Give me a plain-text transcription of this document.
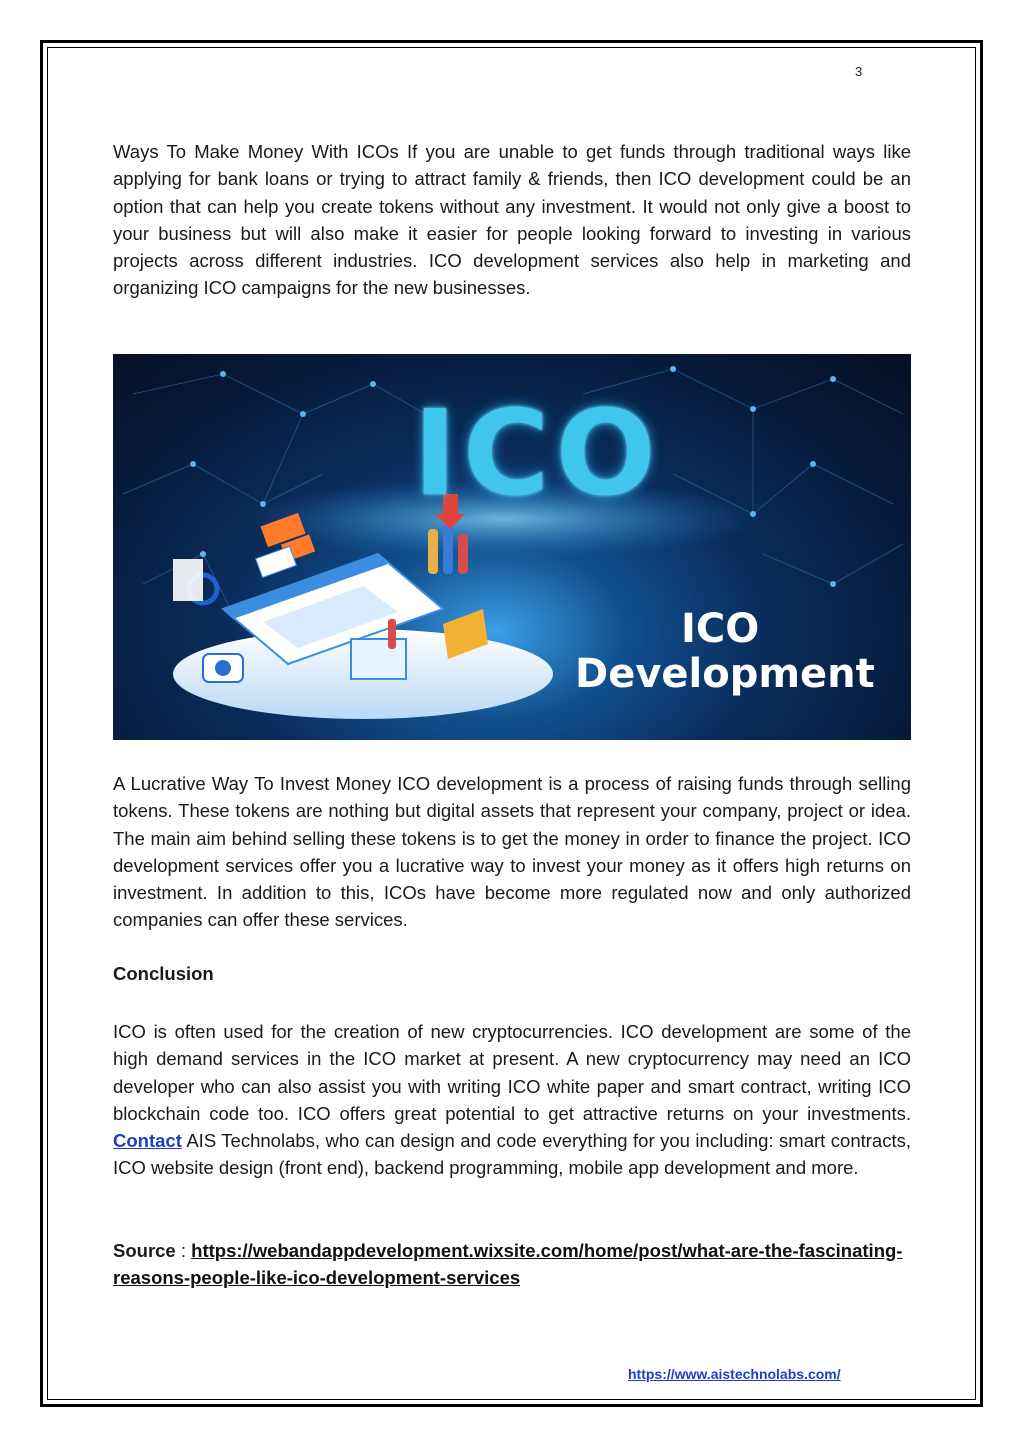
3

Ways To Make Money With ICOs If you are unable to get funds through traditional ways like applying for bank loans or trying to attract family & friends, then ICO development could be an option that can help you create tokens without any investment. It would not only give a boost to your business but will also make it easier for people looking forward to investing in various projects across different industries. ICO development services also help in marketing and organizing ICO campaigns for the new businesses.

ICO
ICO
Development

A Lucrative Way To Invest Money ICO development is a process of raising funds through selling tokens. These tokens are nothing but digital assets that represent your company, project or idea. The main aim behind selling these tokens is to get the money in order to finance the project. ICO development services offer you a lucrative way to invest your money as it offers high returns on investment. In addition to this, ICOs have become more regulated now and only authorized companies can offer these services.

Conclusion

ICO is often used for the creation of new cryptocurrencies. ICO development are some of the high demand services in the ICO market at present. A new cryptocurrency may need an ICO developer who can also assist you with writing ICO white paper and smart contract, writing ICO blockchain code too. ICO offers great potential to get attractive returns on your investments. Contact AIS Technolabs, who can design and code everything for you including: smart contracts, ICO website design (front end), backend programming, mobile app development and more.

Source : https://webandappdevelopment.wixsite.com/home/post/what-are-the-fascinating-reasons-people-like-ico-development-services

https://www.aistechnolabs.com/
